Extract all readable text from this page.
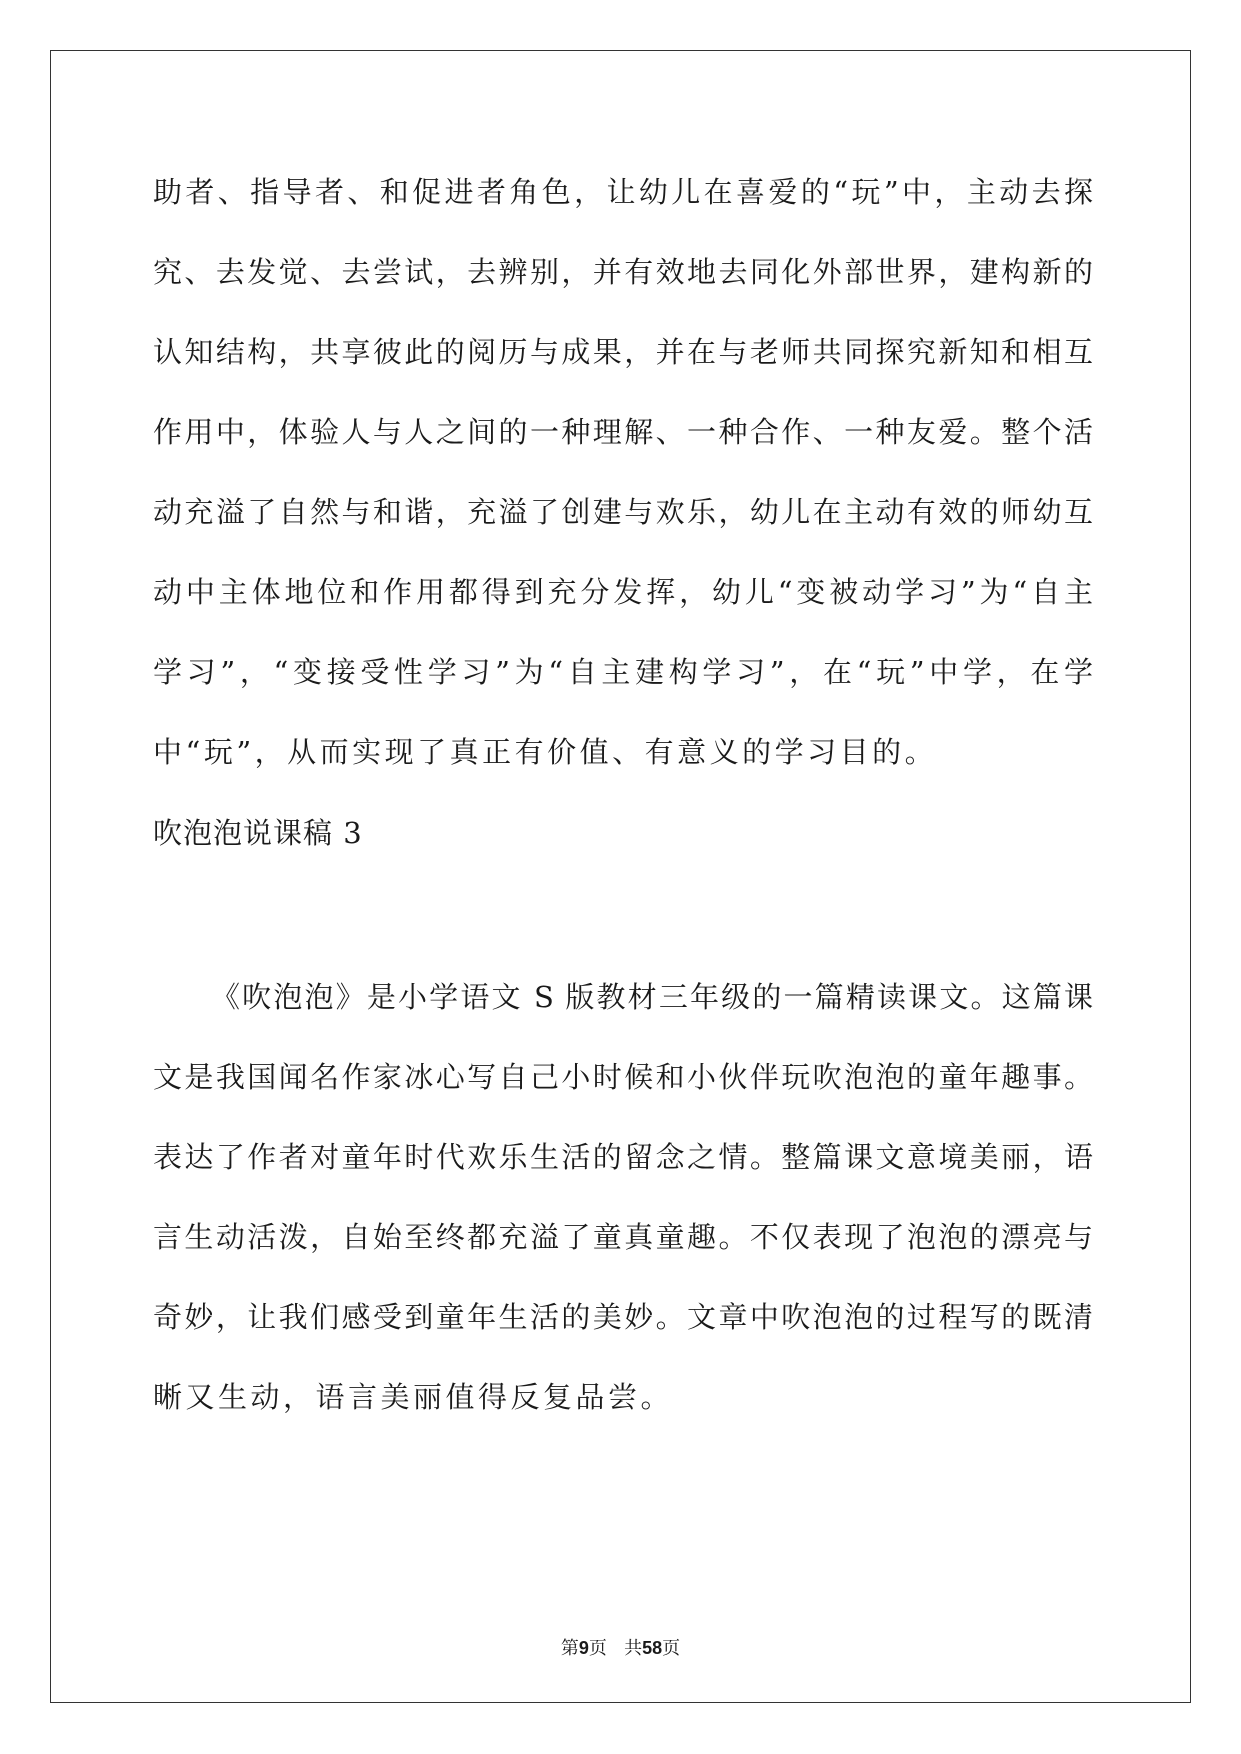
助者、指导者、和促进者角色，让幼儿在喜爱的“玩”中，主动去探
究、去发觉、去尝试，去辨别，并有效地去同化外部世界，建构新的
认知结构，共享彼此的阅历与成果，并在与老师共同探究新知和相互
作用中，体验人与人之间的一种理解、一种合作、一种友爱。整个活
动充溢了自然与和谐，充溢了创建与欢乐，幼儿在主动有效的师幼互
动中主体地位和作用都得到充分发挥，幼儿“变被动学习”为“自主
学习”，“变接受性学习”为“自主建构学习”，在“玩”中学，在学
中“玩”，从而实现了真正有价值、有意义的学习目的。
吹泡泡说课稿 3
《吹泡泡》是小学语文 S 版教材三年级的一篇精读课文。这篇课
文是我国闻名作家冰心写自己小时候和小伙伴玩吹泡泡的童年趣事。
表达了作者对童年时代欢乐生活的留念之情。整篇课文意境美丽，语
言生动活泼，自始至终都充溢了童真童趣。不仅表现了泡泡的漂亮与
奇妙，让我们感受到童年生活的美妙。文章中吹泡泡的过程写的既清
晰又生动，语言美丽值得反复品尝。
第9页 共58页
